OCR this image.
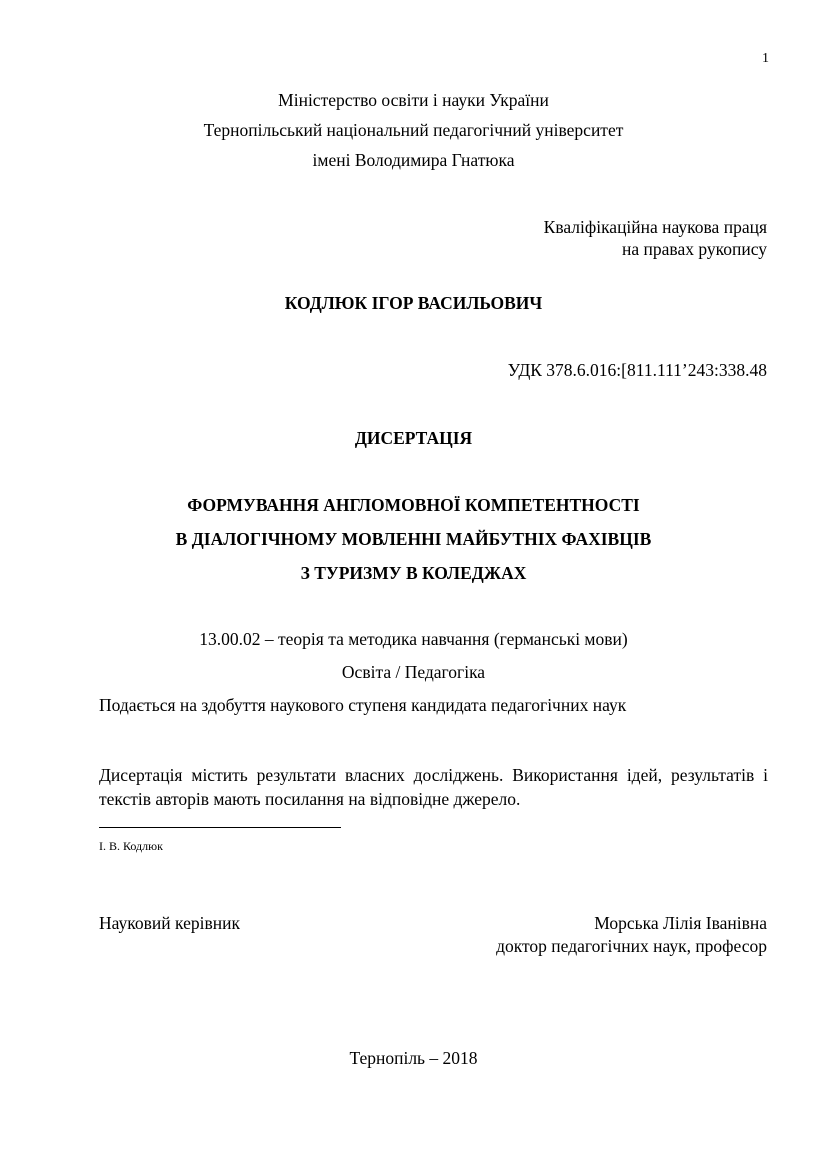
1
Міністерство освіти і науки України
Тернопільський національний педагогічний університет
імені Володимира Гнатюка
Кваліфікаційна наукова праця
на правах рукопису
КОДЛЮК ІГОР ВАСИЛЬОВИЧ
УДК 378.6.016:[811.111’243:338.48
ДИСЕРТАЦІЯ
ФОРМУВАННЯ АНГЛОМОВНОЇ КОМПЕТЕНТНОСТІ
В ДІАЛОГІЧНОМУ МОВЛЕННІ МАЙБУТНІХ ФАХІВЦІВ
З ТУРИЗМУ В КОЛЕДЖАХ
13.00.02 – теорія та методика навчання (германські мови)
Освіта / Педагогіка
Подається на здобуття наукового ступеня кандидата педагогічних наук
Дисертація містить результати власних досліджень. Використання ідей, результатів і текстів авторів мають посилання на відповідне джерело.
І. В. Кодлюк
Науковий керівник	Морська Лілія Іванівна
доктор педагогічних наук, професор
Тернопіль – 2018
